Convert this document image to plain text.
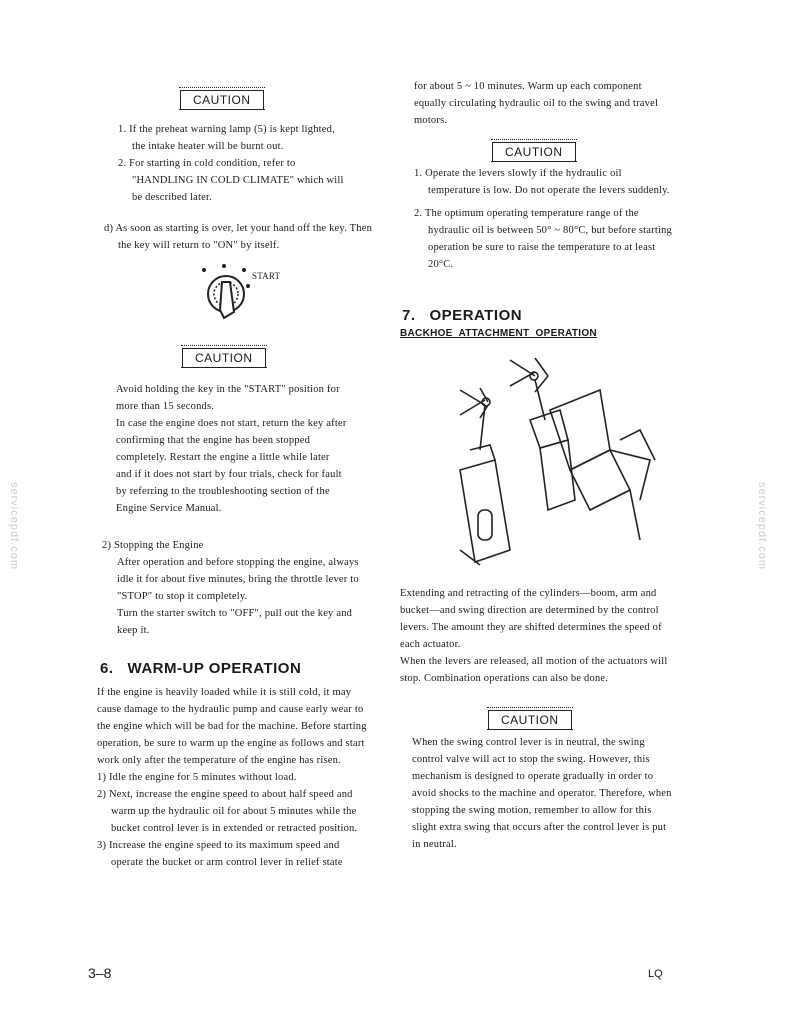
servicepdf.com	servicepdf.com
CAUTION

1. If the preheat warning lamp (5) is kept lighted, the intake heater will be burnt out.

2. For starting in cold condition, refer to "HANDLING IN COLD CLIMATE" which will be described later.

d) As soon as starting is over, let your hand off the key. Then the key will return to "ON" by itself.

START
CAUTION

Avoid holding the key in the "START" position for more than 15 seconds.

In case the engine does not start, return the key after confirming that the engine has been stopped completely. Restart the engine a little while later and if it does not start by four trials, check for fault by referring to the troubleshooting section of the Engine Service Manual.

2) Stopping the Engine

After operation and before stopping the engine, always idle it for about five minutes, bring the throttle lever to "STOP" to stop it completely.

Turn the starter switch to "OFF", pull out the key and keep it.

6.   WARM-UP OPERATION

If the engine is heavily loaded while it is still cold, it may cause damage to the hydraulic pump and cause early wear to the engine which will be bad for the machine. Before starting operation, be sure to warm up the engine as follows and start work only after the temperature of the engine has risen.

1) Idle the engine for 5 minutes without load.

2) Next, increase the engine speed to about half speed and warm up the hydraulic oil for about 5 minutes while the bucket control lever is in extended or retracted position.

3) Increase the engine speed to its maximum speed and operate the bucket or arm control lever in relief state

for about 5 ~ 10 minutes. Warm up each component equally circulating hydraulic oil to the swing and travel motors.

CAUTION

1. Operate the levers slowly if the hydraulic oil temperature is low. Do not operate the levers suddenly.

2. The optimum operating temperature range of the hydraulic oil is between 50° ~ 80°C, but before starting operation be sure to raise the temperature to at least 20°C.

7.   OPERATION
BACKHOE  ATTACHMENT  OPERATION

Extending and retracting of the cylinders—boom, arm and bucket—and swing direction are determined by the control levers. The amount they are shifted determines the speed of each actuator.

When the levers are released, all motion of the actuators will stop. Combination operations can also be done.

CAUTION

When the swing control lever is in neutral, the swing control valve will act to stop the swing. However, this mechanism is designed to operate gradually in order to avoid shocks to the machine and operator. Therefore, when stopping the swing motion, remember to allow for this slight extra swing that occurs after the control lever is put in neutral.

3–8	LQ
